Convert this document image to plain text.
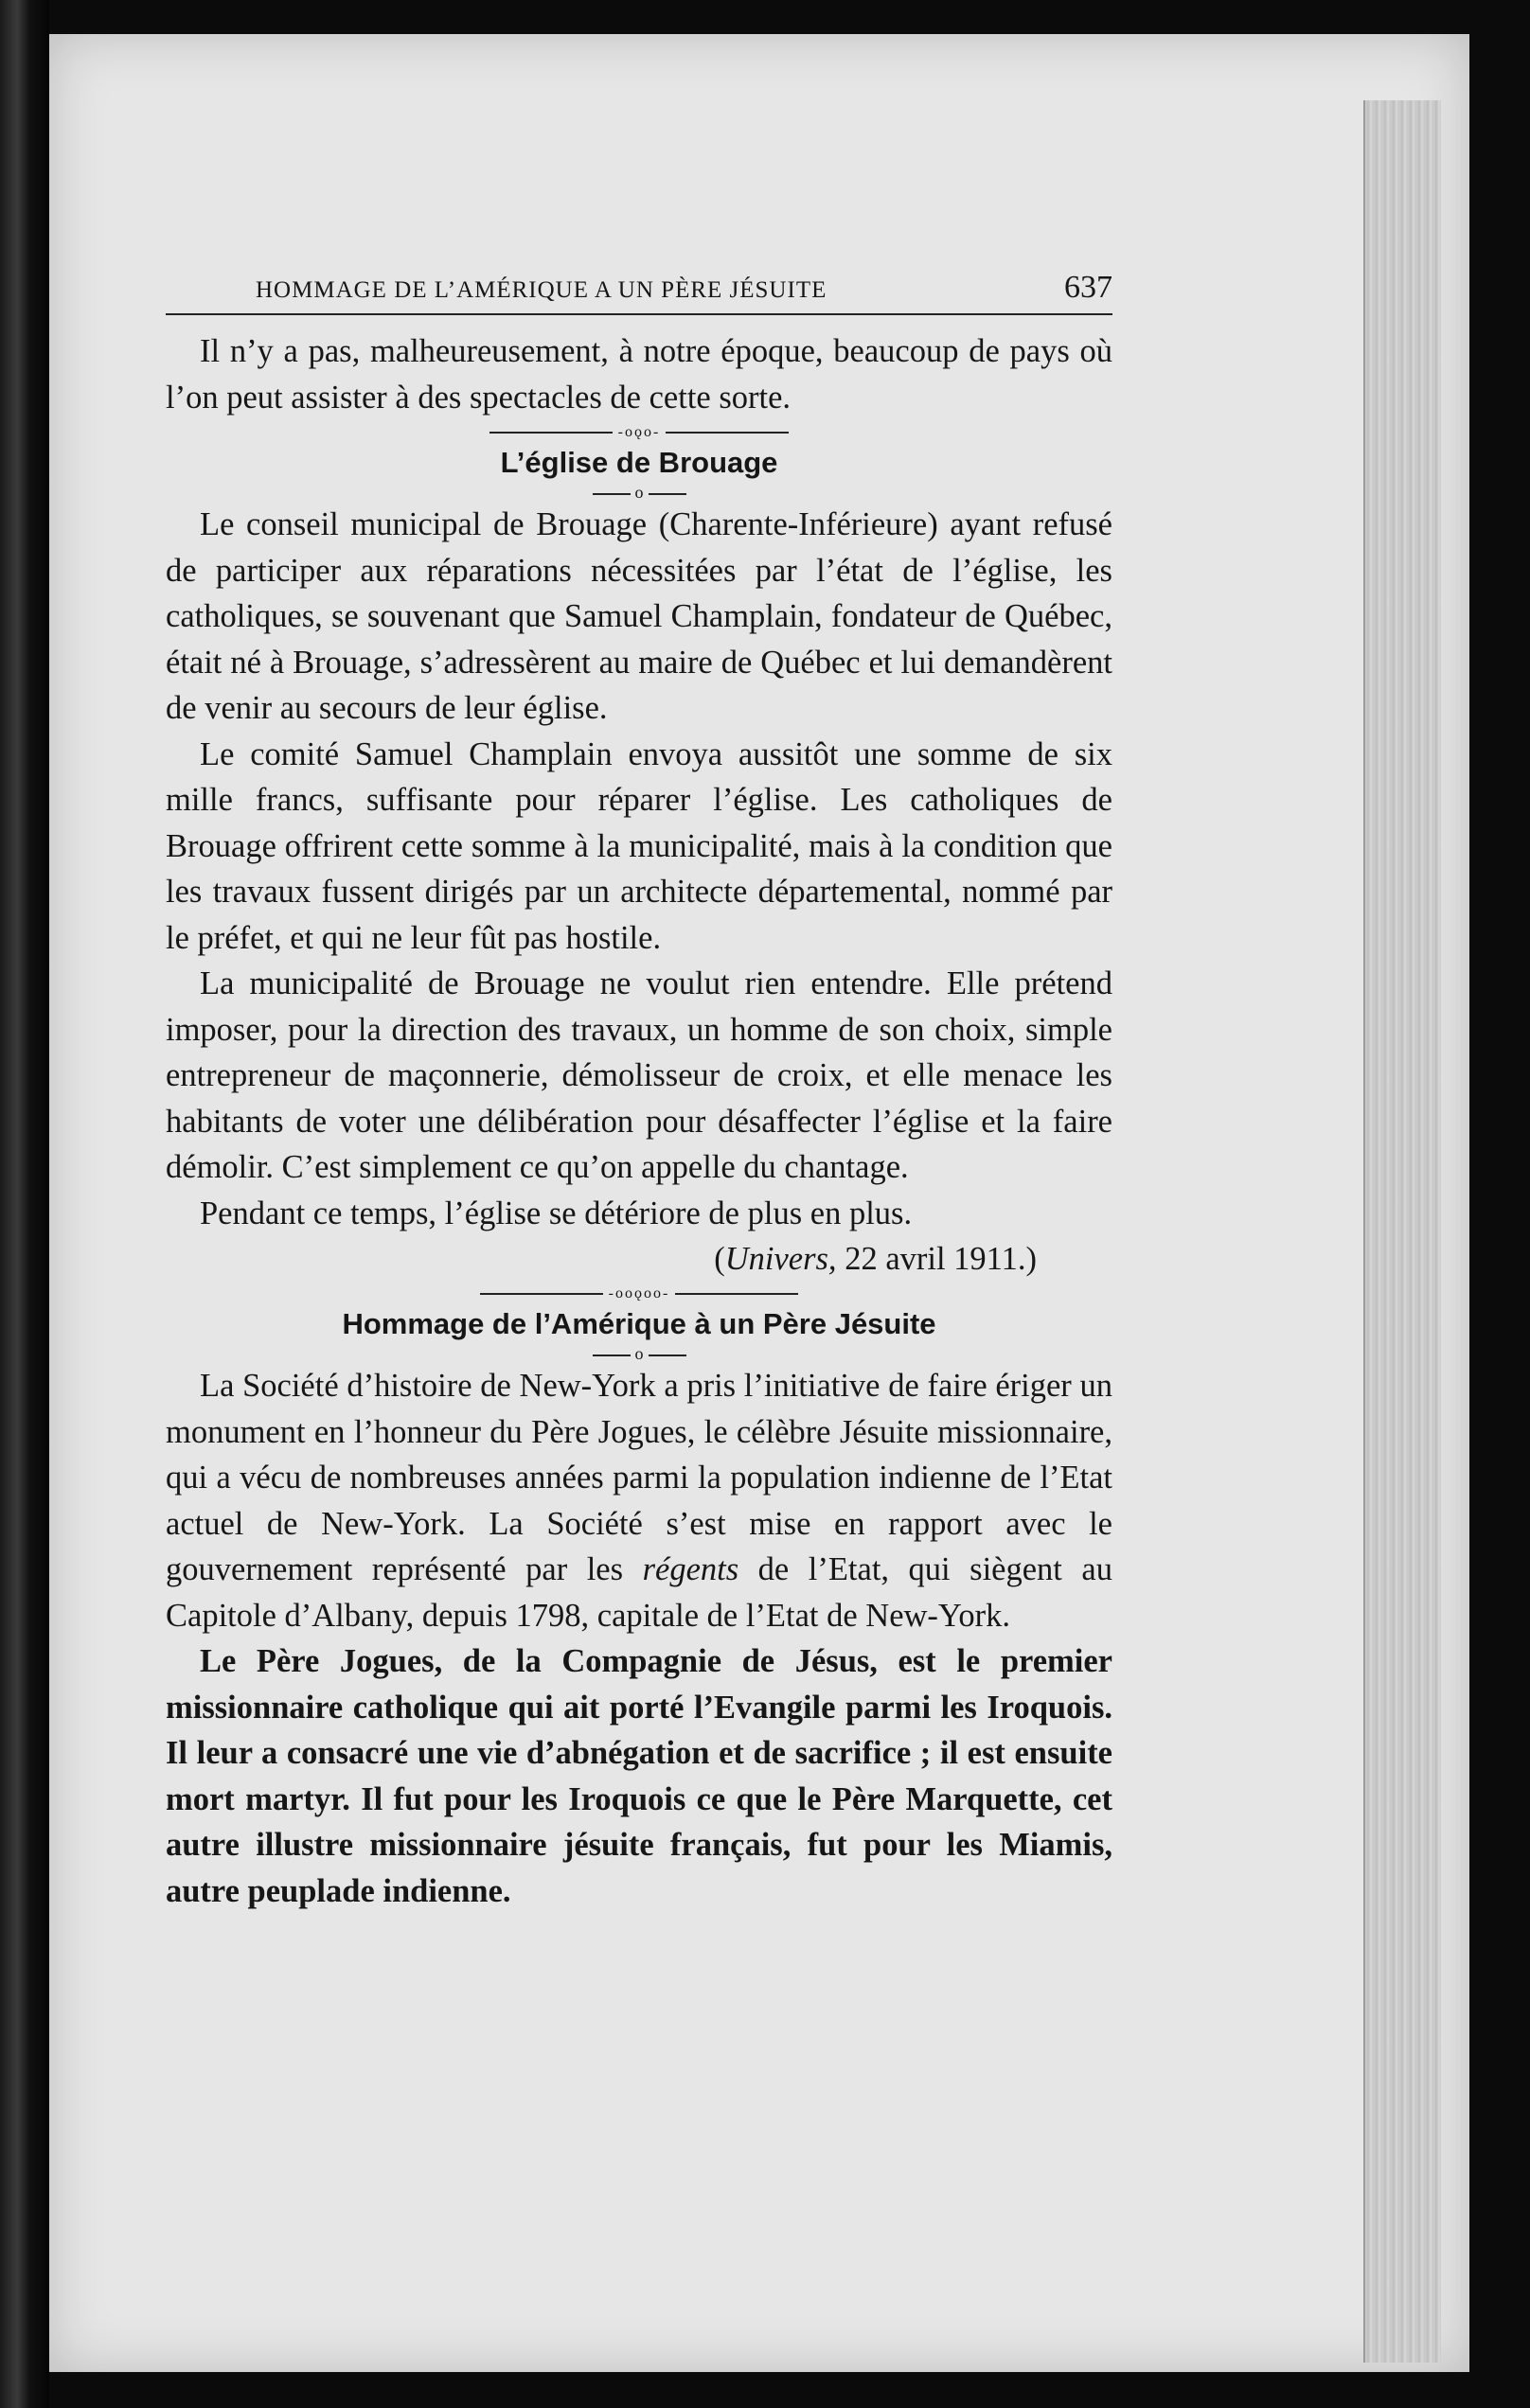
HOMMAGE DE L’AMÉRIQUE A UN PÈRE JÉSUITE	637

Il n’y a pas, malheureusement, à notre époque, beaucoup de pays où l’on peut assister à des spectacles de cette sorte.

-oǫo-
L’église de Brouage
o

Le conseil municipal de Brouage (Charente-Inférieure) ayant refusé de participer aux réparations nécessitées par l’état de l’église, les catholiques, se souvenant que Samuel Champlain, fondateur de Québec, était né à Brouage, s’adressèrent au maire de Québec et lui demandèrent de venir au secours de leur église.

Le comité Samuel Champlain envoya aussitôt une somme de six mille francs, suffisante pour réparer l’église. Les catholiques de Brouage offrirent cette somme à la municipalité, mais à la condition que les travaux fussent dirigés par un architecte départemental, nommé par le préfet, et qui ne leur fût pas hostile.

La municipalité de Brouage ne voulut rien entendre. Elle prétend imposer, pour la direction des travaux, un homme de son choix, simple entrepreneur de maçonnerie, démolisseur de croix, et elle menace les habitants de voter une délibération pour désaffecter l’église et la faire démolir. C’est simplement ce qu’on appelle du chantage.

Pendant ce temps, l’église se détériore de plus en plus.

(Univers, 22 avril 1911.)
-ooǫoo-
Hommage de l’Amérique à un Père Jésuite
o

La Société d’histoire de New-York a pris l’initiative de faire ériger un monument en l’honneur du Père Jogues, le célèbre Jésuite missionnaire, qui a vécu de nombreuses années parmi la population indienne de l’Etat actuel de New-York. La Société s’est mise en rapport avec le gouvernement représenté par les régents de l’Etat, qui siègent au Capitole d’Albany, depuis 1798, capitale de l’Etat de New-York.

Le Père Jogues, de la Compagnie de Jésus, est le premier missionnaire catholique qui ait porté l’Evangile parmi les Iroquois. Il leur a consacré une vie d’abnégation et de sacrifice ; il est ensuite mort martyr. Il fut pour les Iroquois ce que le Père Marquette, cet autre illustre missionnaire jésuite français, fut pour les Miamis, autre peuplade indienne.
